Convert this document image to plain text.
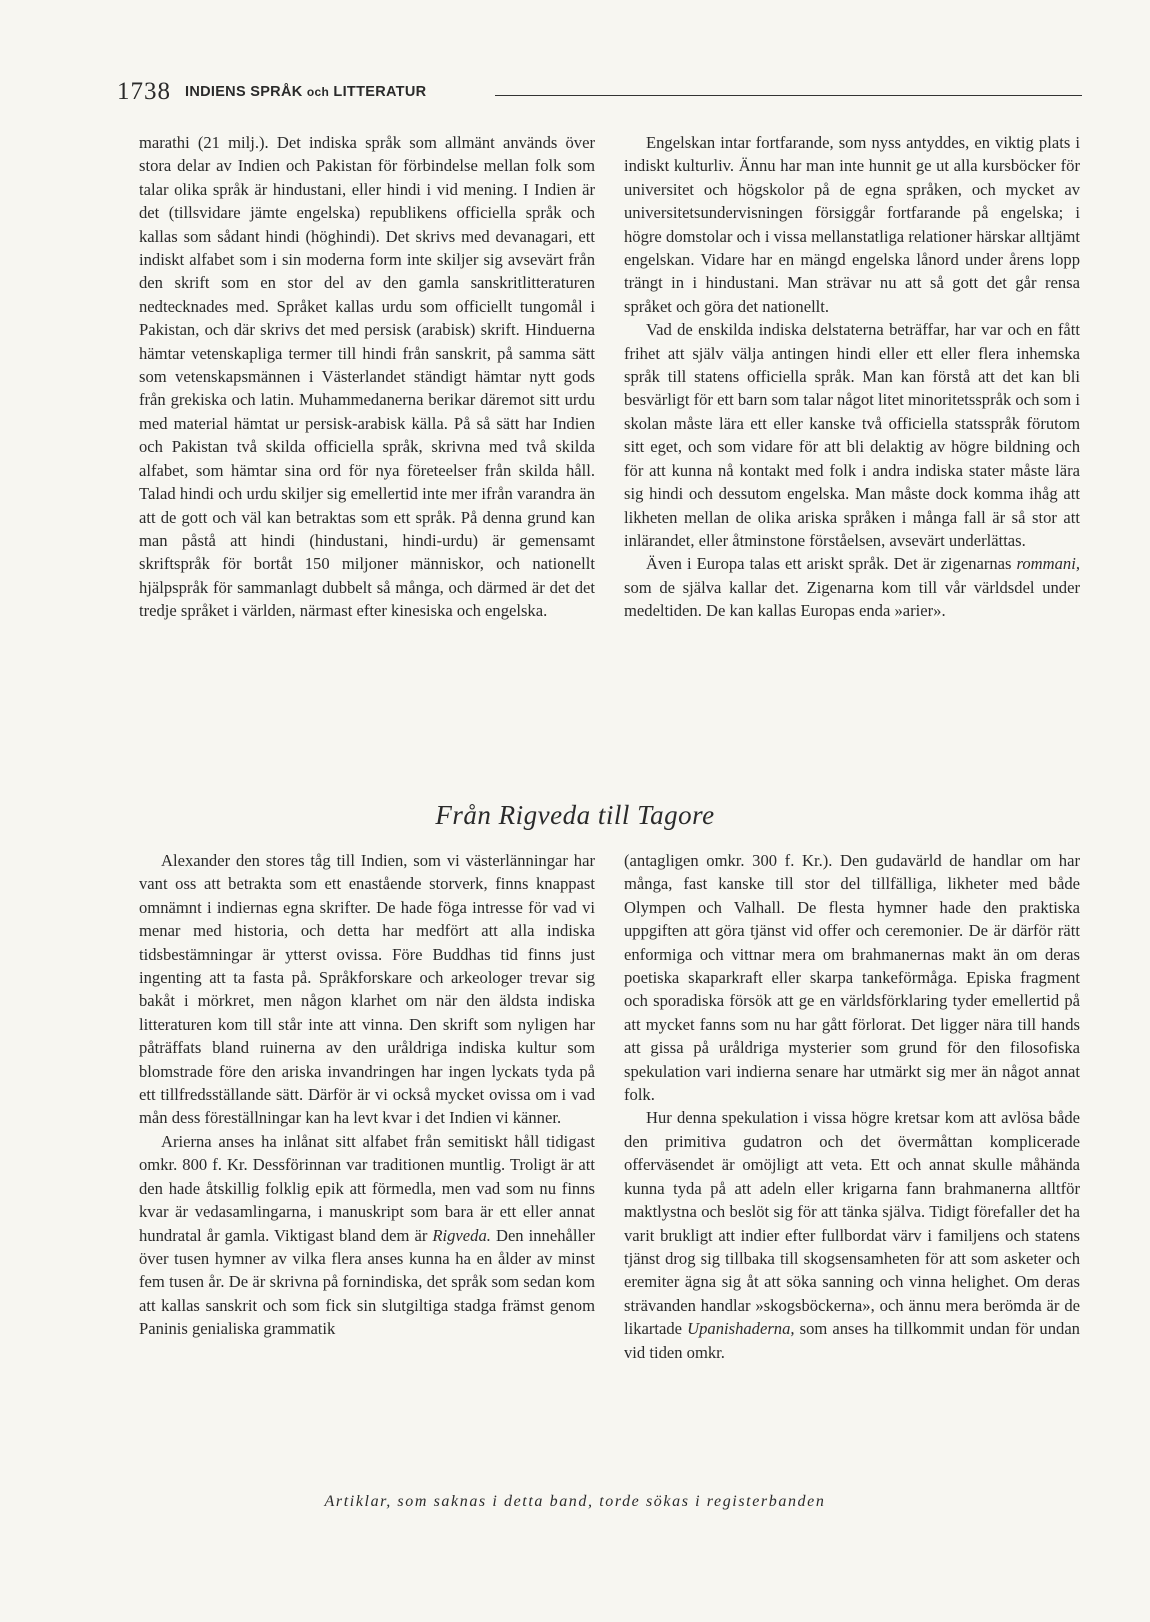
1738 INDIENS SPRÅK och LITTERATUR

marathi (21 milj.). Det indiska språk som allmänt används över stora delar av Indien och Pakistan för förbindelse mellan folk som talar olika språk är hindustani, eller hindi i vid mening. I Indien är det (tillsvidare jämte engelska) republikens officiella språk och kallas som sådant hindi (höghindi). Det skrivs med devanagari, ett indiskt alfabet som i sin moderna form inte skiljer sig avsevärt från den skrift som en stor del av den gamla sanskritlitteraturen nedtecknades med. Språket kallas urdu som officiellt tungomål i Pakistan, och där skrivs det med persisk (arabisk) skrift. Hinduerna hämtar vetenskapliga termer till hindi från sanskrit, på samma sätt som vetenskapsmännen i Västerlandet ständigt hämtar nytt gods från grekiska och latin. Muhammedanerna berikar däremot sitt urdu med material hämtat ur persisk-arabisk källa. På så sätt har Indien och Pakistan två skilda officiella språk, skrivna med två skilda alfabet, som hämtar sina ord för nya företeelser från skilda håll. Talad hindi och urdu skiljer sig emellertid inte mer ifrån varandra än att de gott och väl kan betraktas som ett språk. På denna grund kan man påstå att hindi (hindustani, hindi-urdu) är gemensamt skriftspråk för bortåt 150 miljoner människor, och nationellt hjälpspråk för sammanlagt dubbelt så många, och därmed är det det tredje språket i världen, närmast efter kinesiska och engelska.

Engelskan intar fortfarande, som nyss antyddes, en viktig plats i indiskt kulturliv. Ännu har man inte hunnit ge ut alla kursböcker för universitet och högskolor på de egna språken, och mycket av universitetsundervisningen försiggår fortfarande på engelska; i högre domstolar och i vissa mellanstatliga relationer härskar alltjämt engelskan. Vidare har en mängd engelska lånord under årens lopp trängt in i hindustani. Man strävar nu att så gott det går rensa språket och göra det nationellt.

Vad de enskilda indiska delstaterna beträffar, har var och en fått frihet att själv välja antingen hindi eller ett eller flera inhemska språk till statens officiella språk. Man kan förstå att det kan bli besvärligt för ett barn som talar något litet minoritetsspråk och som i skolan måste lära ett eller kanske två officiella statsspråk förutom sitt eget, och som vidare för att bli delaktig av högre bildning och för att kunna nå kontakt med folk i andra indiska stater måste lära sig hindi och dessutom engelska. Man måste dock komma ihåg att likheten mellan de olika ariska språken i många fall är så stor att inlärandet, eller åtminstone förståelsen, avsevärt underlättas.

Även i Europa talas ett ariskt språk. Det är zigenarnas rommani, som de själva kallar det. Zigenarna kom till vår världsdel under medeltiden. De kan kallas Europas enda »arier».

Från Rigveda till Tagore

Alexander den stores tåg till Indien, som vi västerlänningar har vant oss att betrakta som ett enastående storverk, finns knappast omnämnt i indiernas egna skrifter. De hade föga intresse för vad vi menar med historia, och detta har medfört att alla indiska tidsbestämningar är ytterst ovissa. Före Buddhas tid finns just ingenting att ta fasta på. Språkforskare och arkeologer trevar sig bakåt i mörkret, men någon klarhet om när den äldsta indiska litteraturen kom till står inte att vinna. Den skrift som nyligen har påträffats bland ruinerna av den uråldriga indiska kultur som blomstrade före den ariska invandringen har ingen lyckats tyda på ett tillfredsställande sätt. Därför är vi också mycket ovissa om i vad mån dess föreställningar kan ha levt kvar i det Indien vi känner.

Arierna anses ha inlånat sitt alfabet från semitiskt håll tidigast omkr. 800 f. Kr. Dessförinnan var traditionen muntlig. Troligt är att den hade åtskillig folklig epik att förmedla, men vad som nu finns kvar är vedasamlingarna, i manuskript som bara är ett eller annat hundratal år gamla. Viktigast bland dem är Rigveda. Den innehåller över tusen hymner av vilka flera anses kunna ha en ålder av minst fem tusen år. De är skrivna på fornindiska, det språk som sedan kom att kallas sanskrit och som fick sin slutgiltiga stadga främst genom Paninis genialiska grammatik

(antagligen omkr. 300 f. Kr.). Den gudavärld de handlar om har många, fast kanske till stor del tillfälliga, likheter med både Olympen och Valhall. De flesta hymner hade den praktiska uppgiften att göra tjänst vid offer och ceremonier. De är därför rätt enformiga och vittnar mera om brahmanernas makt än om deras poetiska skaparkraft eller skarpa tankeförmåga. Episka fragment och sporadiska försök att ge en världsförklaring tyder emellertid på att mycket fanns som nu har gått förlorat. Det ligger nära till hands att gissa på uråldriga mysterier som grund för den filosofiska spekulation vari indierna senare har utmärkt sig mer än något annat folk.

Hur denna spekulation i vissa högre kretsar kom att avlösa både den primitiva gudatron och det övermåttan komplicerade offerväsendet är omöjligt att veta. Ett och annat skulle måhända kunna tyda på att adeln eller krigarna fann brahmanerna alltför maktlystna och beslöt sig för att tänka själva. Tidigt förefaller det ha varit brukligt att indier efter fullbordat värv i familjens och statens tjänst drog sig tillbaka till skogsensamheten för att som asketer och eremiter ägna sig åt att söka sanning och vinna helighet. Om deras strävanden handlar »skogsböckerna», och ännu mera berömda är de likartade Upanishaderna, som anses ha tillkommit undan för undan vid tiden omkr.

Artiklar, som saknas i detta band, torde sökas i registerbanden
